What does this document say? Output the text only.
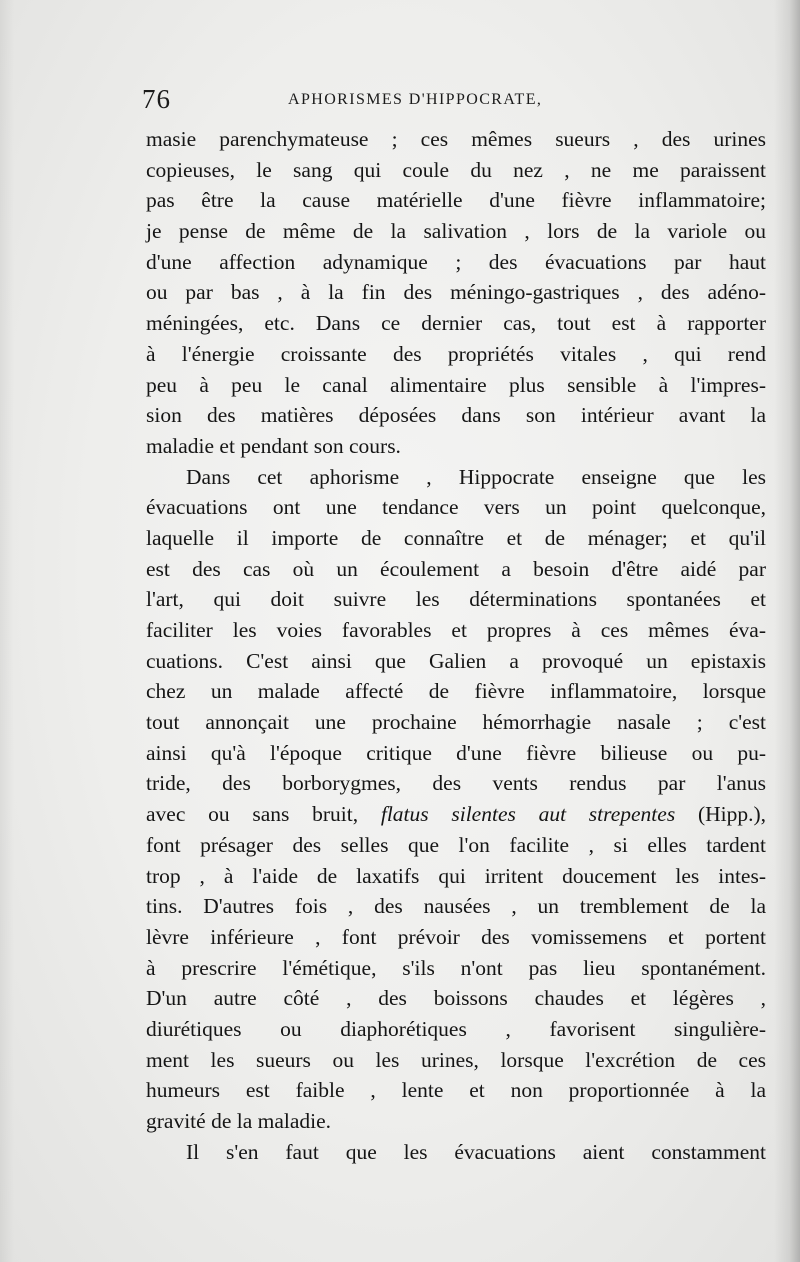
76	APHORISMES D'HIPPOCRATE,
masie parenchymateuse ; ces mêmes sueurs , des urines
copieuses, le sang qui coule du nez , ne me paraissent
pas être la cause matérielle d'une fièvre inflammatoire;
je pense de même de la salivation , lors de la variole ou
d'une affection adynamique ; des évacuations par haut
ou par bas , à la fin des méningo-gastriques , des adéno-
méningées, etc. Dans ce dernier cas, tout est à rapporter
à l'énergie croissante des propriétés vitales , qui rend
peu à peu le canal alimentaire plus sensible à l'impres-
sion des matières déposées dans son intérieur avant la
maladie et pendant son cours.
Dans cet aphorisme , Hippocrate enseigne que les
évacuations ont une tendance vers un point quelconque,
laquelle il importe de connaître et de ménager; et qu'il
est des cas où un écoulement a besoin d'être aidé par
l'art, qui doit suivre les déterminations spontanées et
faciliter les voies favorables et propres à ces mêmes éva-
cuations. C'est ainsi que Galien a provoqué un epistaxis
chez un malade affecté de fièvre inflammatoire, lorsque
tout annonçait une prochaine hémorrhagie nasale ; c'est
ainsi qu'à l'époque critique d'une fièvre bilieuse ou pu-
tride, des borborygmes, des vents rendus par l'anus
avec ou sans bruit, flatus silentes aut strepentes (Hipp.),
font présager des selles que l'on facilite , si elles tardent
trop , à l'aide de laxatifs qui irritent doucement les intes-
tins. D'autres fois , des nausées , un tremblement de la
lèvre inférieure , font prévoir des vomissemens et portent
à prescrire l'émétique, s'ils n'ont pas lieu spontanément.
D'un autre côté , des boissons chaudes et légères ,
diurétiques ou diaphorétiques , favorisent singulière-
ment les sueurs ou les urines, lorsque l'excrétion de ces
humeurs est faible , lente et non proportionnée à la
gravité de la maladie.
Il s'en faut que les évacuations aient constamment
